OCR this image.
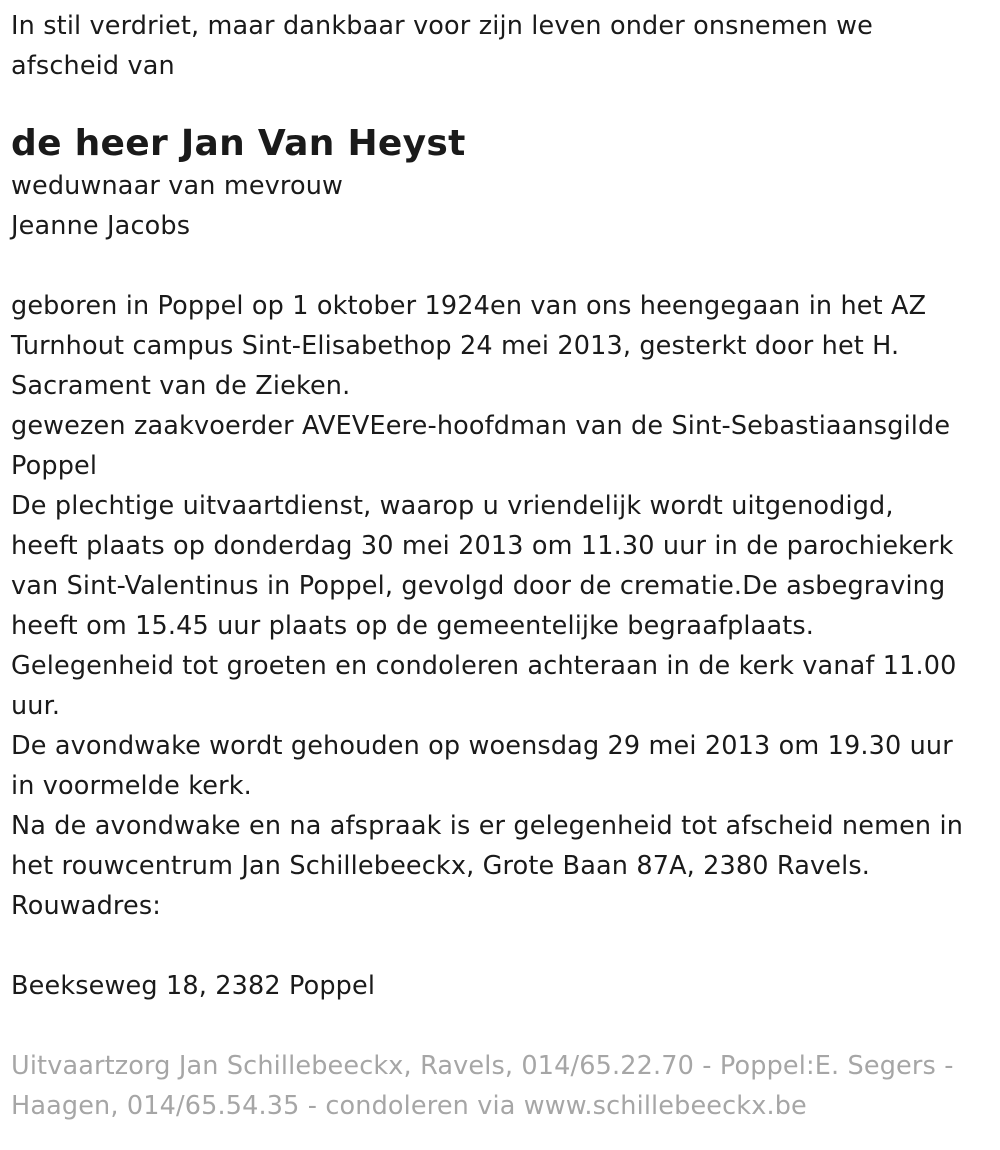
In stil verdriet, maar dankbaar voor zijn leven onder onsnemen we
afscheid van
de heer Jan Van Heyst
weduwnaar van mevrouw
Jeanne Jacobs
geboren in Poppel op 1 oktober 1924en van ons heengegaan in het AZ
Turnhout campus Sint-Elisabethop 24 mei 2013, gesterkt door het H.
Sacrament van de Zieken.
gewezen zaakvoerder AVEVEere-hoofdman van de Sint-Sebastiaansgilde
Poppel
De plechtige uitvaartdienst, waarop u vriendelijk wordt uitgenodigd,
heeft plaats op donderdag 30 mei 2013 om 11.30 uur in de parochiekerk
van Sint-Valentinus in Poppel, gevolgd door de crematie.De asbegraving
heeft om 15.45 uur plaats op de gemeentelijke begraafplaats.
Gelegenheid tot groeten en condoleren achteraan in de kerk vanaf 11.00
uur.
De avondwake wordt gehouden op woensdag 29 mei 2013 om 19.30 uur
in voormelde kerk.
Na de avondwake en na afspraak is er gelegenheid tot afscheid nemen in
het rouwcentrum Jan Schillebeeckx, Grote Baan 87A, 2380 Ravels.
Rouwadres:
Beekseweg 18, 2382 Poppel
Uitvaartzorg Jan Schillebeeckx, Ravels, 014/65.22.70 - Poppel:E. Segers -
Haagen, 014/65.54.35 - condoleren via www.schillebeeckx.be
